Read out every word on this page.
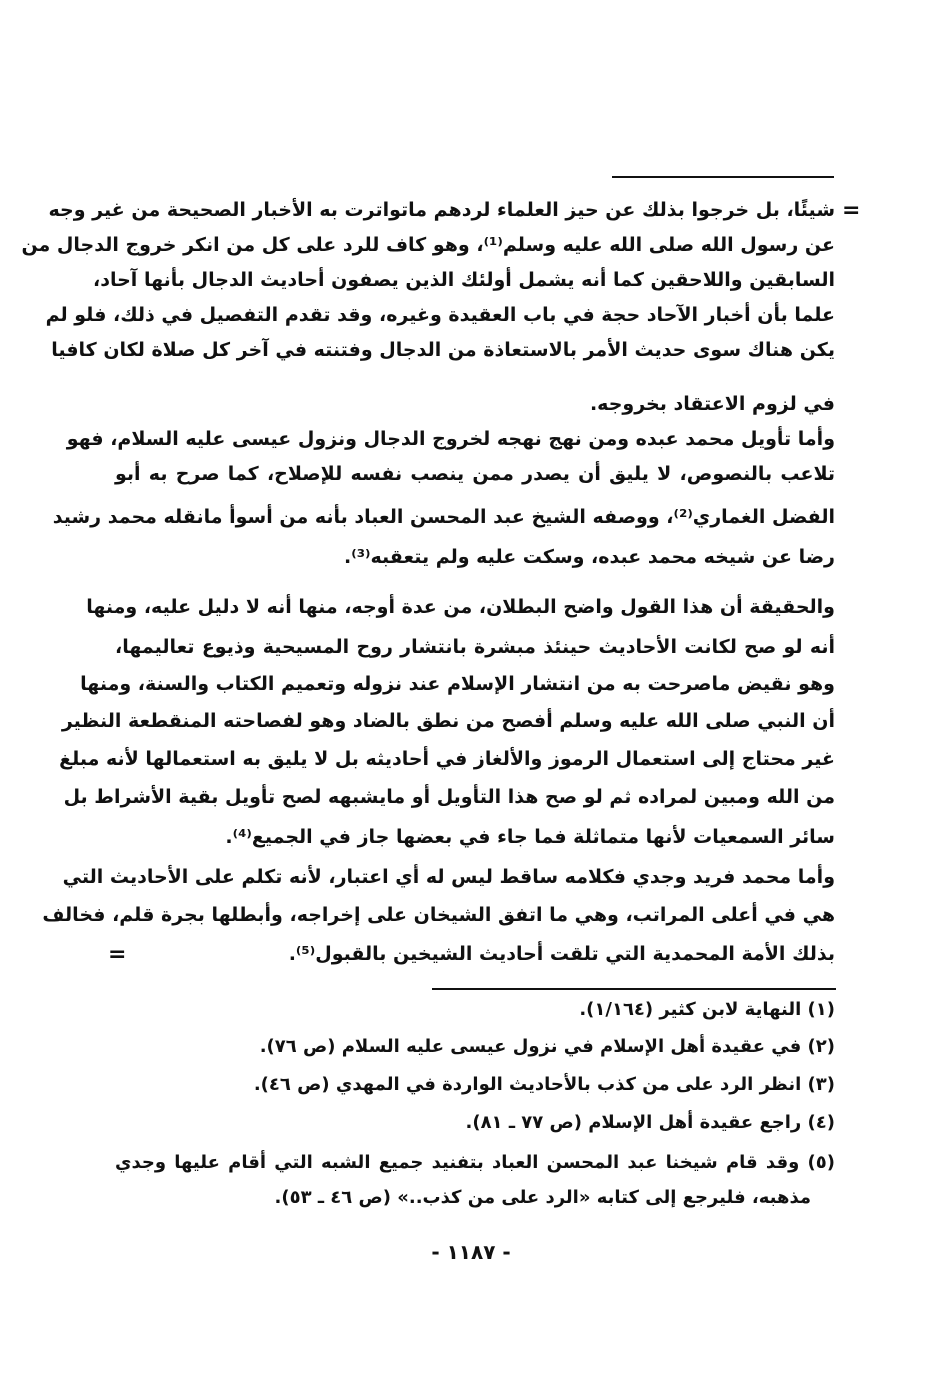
=
شيئًا، بل خرجوا بذلك عن حيز العلماء لردهم ماتواترت به الأخبار الصحيحة من غير وجه
عن رسول الله صلى الله عليه وسلم⁽¹⁾، وهو كاف للرد على كل من انكر خروج الدجال من
السابقين واللاحقين كما أنه يشمل أولئك الذين يصفون أحاديث الدجال بأنها آحاد،
علما بأن أخبار الآحاد حجة في باب العقيدة وغيره، وقد تقدم التفصيل في ذلك، فلو لم
يكن هناك سوى حديث الأمر بالاستعاذة من الدجال وفتنته في آخر كل صلاة لكان كافيا
في لزوم الاعتقاد بخروجه.
وأما تأويل محمد عبده ومن نهج نهجه لخروج الدجال ونزول عيسى عليه السلام، فهو
تلاعب بالنصوص، لا يليق أن يصدر ممن ينصب نفسه للإصلاح، كما صرح به أبو
الفضل الغماري⁽²⁾، ووصفه الشيخ عبد المحسن العباد بأنه من أسوأ مانقله محمد رشيد
رضا عن شيخه محمد عبده، وسكت عليه ولم يتعقبه⁽³⁾.
والحقيقة أن هذا القول واضح البطلان، من عدة أوجه، منها أنه لا دليل عليه، ومنها
أنه لو صح لكانت الأحاديث حينئذ مبشرة بانتشار روح المسيحية وذيوع تعاليمها،
وهو نقيض ماصرحت به من انتشار الإسلام عند نزوله وتعميم الكتاب والسنة، ومنها
أن النبي صلى الله عليه وسلم أفصح من نطق بالضاد وهو لفصاحته المنقطعة النظير
غير محتاج إلى استعمال الرموز والألغاز في أحاديثه بل لا يليق به استعمالها لأنه مبلغ
من الله ومبين لمراده ثم لو صح هذا التأويل أو مايشبهه لصح تأويل بقية الأشراط بل
سائر السمعيات لأنها متماثلة فما جاء في بعضها جاز في الجميع⁽⁴⁾.
وأما محمد فريد وجدي فكلامه ساقط ليس له أي اعتبار، لأنه تكلم على الأحاديث التي
هي في أعلى المراتب، وهي ما اتفق الشيخان على إخراجه، وأبطلها بجرة قلم، فخالف
بذلك الأمة المحمدية التي تلقت أحاديث الشيخين بالقبول⁽⁵⁾.
=
(١) النهاية لابن كثير (١/١٦٤).
(٢) في عقيدة أهل الإسلام في نزول عيسى عليه السلام (ص ٧٦).
(٣) انظر الرد على من كذب بالأحاديث الواردة في المهدي (ص ٤٦).
(٤) راجع عقيدة أهل الإسلام (ص ٧٧ ـ ٨١).
(٥) وقد قام شيخنا عبد المحسن العباد بتفنيد جميع الشبه التي أقام عليها وجدي
مذهبه، فليرجع إلى كتابه «الرد على من كذب..» (ص ٤٦ ـ ٥٣).
- ١١٨٧ -
